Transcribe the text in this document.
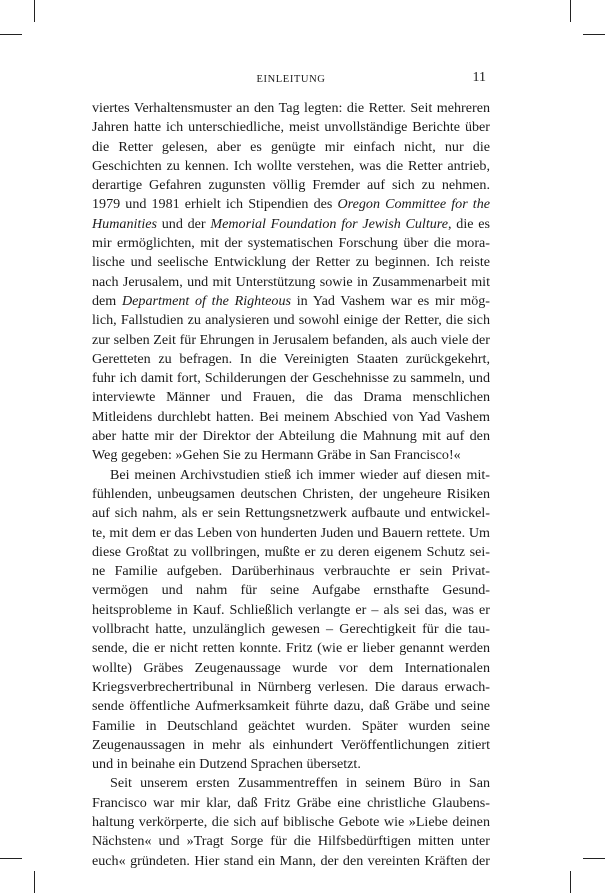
EINLEITUNG	11
viertes Verhaltensmuster an den Tag legten: die Retter. Seit mehreren
Jahren hatte ich unterschiedliche, meist unvollständige Berichte über
die Retter gelesen, aber es genügte mir einfach nicht, nur die
Geschichten zu kennen. Ich wollte verstehen, was die Retter antrieb,
derartige Gefahren zugunsten völlig Fremder auf sich zu nehmen.
1979 und 1981 erhielt ich Stipendien des Oregon Committee for the
Humanities und der Memorial Foundation for Jewish Culture, die es
mir ermöglichten, mit der systematischen Forschung über die mora-
lische und seelische Entwicklung der Retter zu beginnen. Ich reiste
nach Jerusalem, und mit Unterstützung sowie in Zusammenarbeit mit
dem Department of the Righteous in Yad Vashem war es mir mög-
lich, Fallstudien zu analysieren und sowohl einige der Retter, die sich
zur selben Zeit für Ehrungen in Jerusalem befanden, als auch viele der
Geretteten zu befragen. In die Vereinigten Staaten zurückgekehrt,
fuhr ich damit fort, Schilderungen der Geschehnisse zu sammeln, und
interviewte Männer und Frauen, die das Drama menschlichen
Mitleidens durchlebt hatten. Bei meinem Abschied von Yad Vashem
aber hatte mir der Direktor der Abteilung die Mahnung mit auf den
Weg gegeben: »Gehen Sie zu Hermann Gräbe in San Francisco!«
Bei meinen Archivstudien stieß ich immer wieder auf diesen mit-
fühlenden, unbeugsamen deutschen Christen, der ungeheure Risiken
auf sich nahm, als er sein Rettungsnetzwerk aufbaute und entwickel-
te, mit dem er das Leben von hunderten Juden und Bauern rettete. Um
diese Großtat zu vollbringen, mußte er zu deren eigenem Schutz sei-
ne Familie aufgeben. Darüberhinaus verbrauchte er sein Privat-
vermögen und nahm für seine Aufgabe ernsthafte Gesund-
heitsprobleme in Kauf. Schließlich verlangte er – als sei das, was er
vollbracht hatte, unzulänglich gewesen – Gerechtigkeit für die tau-
sende, die er nicht retten konnte. Fritz (wie er lieber genannt werden
wollte) Gräbes Zeugenaussage wurde vor dem Internationalen
Kriegsverbrechertribunal in Nürnberg verlesen. Die daraus erwach-
sende öffentliche Aufmerksamkeit führte dazu, daß Gräbe und seine
Familie in Deutschland geächtet wurden. Später wurden seine
Zeugenaussagen in mehr als einhundert Veröffentlichungen zitiert
und in beinahe ein Dutzend Sprachen übersetzt.
Seit unserem ersten Zusammentreffen in seinem Büro in San
Francisco war mir klar, daß Fritz Gräbe eine christliche Glaubens-
haltung verkörperte, die sich auf biblische Gebote wie »Liebe deinen
Nächsten« und »Tragt Sorge für die Hilfsbedürftigen mitten unter
euch« gründeten. Hier stand ein Mann, der den vereinten Kräften der
